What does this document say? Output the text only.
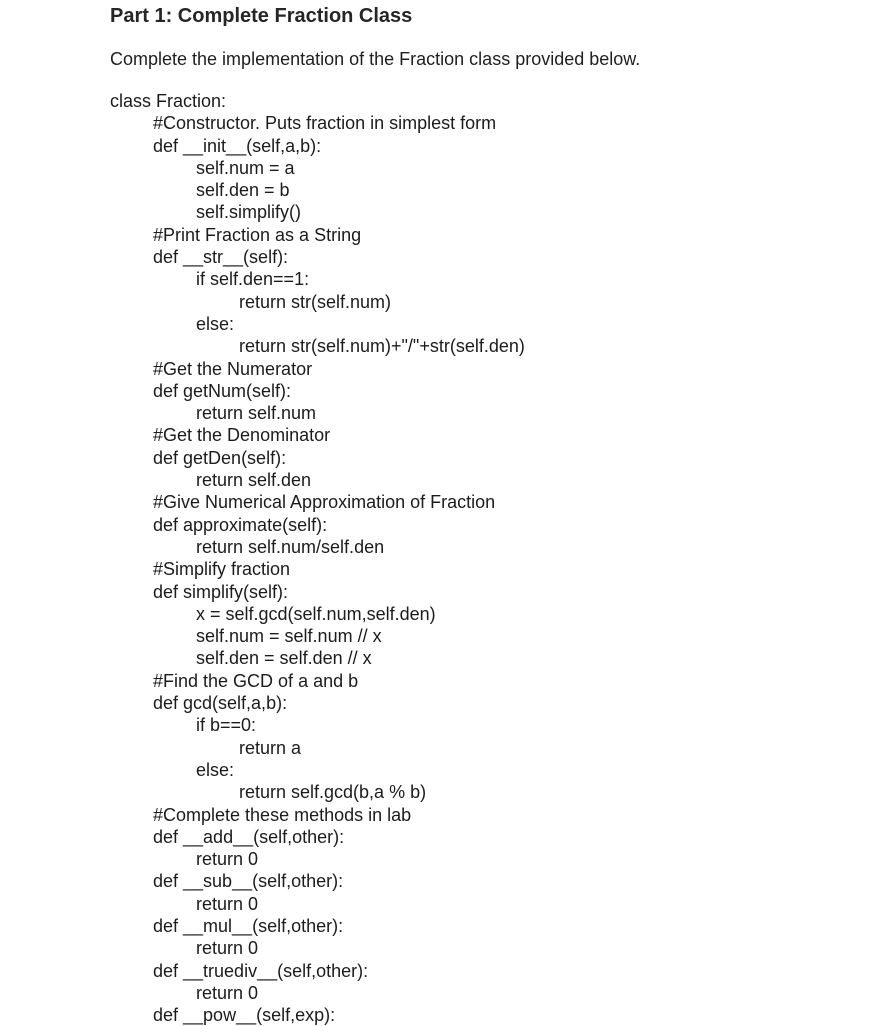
Part 1: Complete Fraction Class

Complete the implementation of the Fraction class provided below.

class Fraction:
#Constructor. Puts fraction in simplest form
def __init__(self,a,b):
self.num = a
self.den = b
self.simplify()
#Print Fraction as a String
def __str__(self):
if self.den==1:
return str(self.num)
else:
return str(self.num)+"/"+str(self.den)
#Get the Numerator
def getNum(self):
return self.num
#Get the Denominator
def getDen(self):
return self.den
#Give Numerical Approximation of Fraction
def approximate(self):
return self.num/self.den
#Simplify fraction
def simplify(self):
x = self.gcd(self.num,self.den)
self.num = self.num // x
self.den = self.den // x
#Find the GCD of a and b
def gcd(self,a,b):
if b==0:
return a
else:
return self.gcd(b,a % b)
#Complete these methods in lab
def __add__(self,other):
return 0
def __sub__(self,other):
return 0
def __mul__(self,other):
return 0
def __truediv__(self,other):
return 0
def __pow__(self,exp):
